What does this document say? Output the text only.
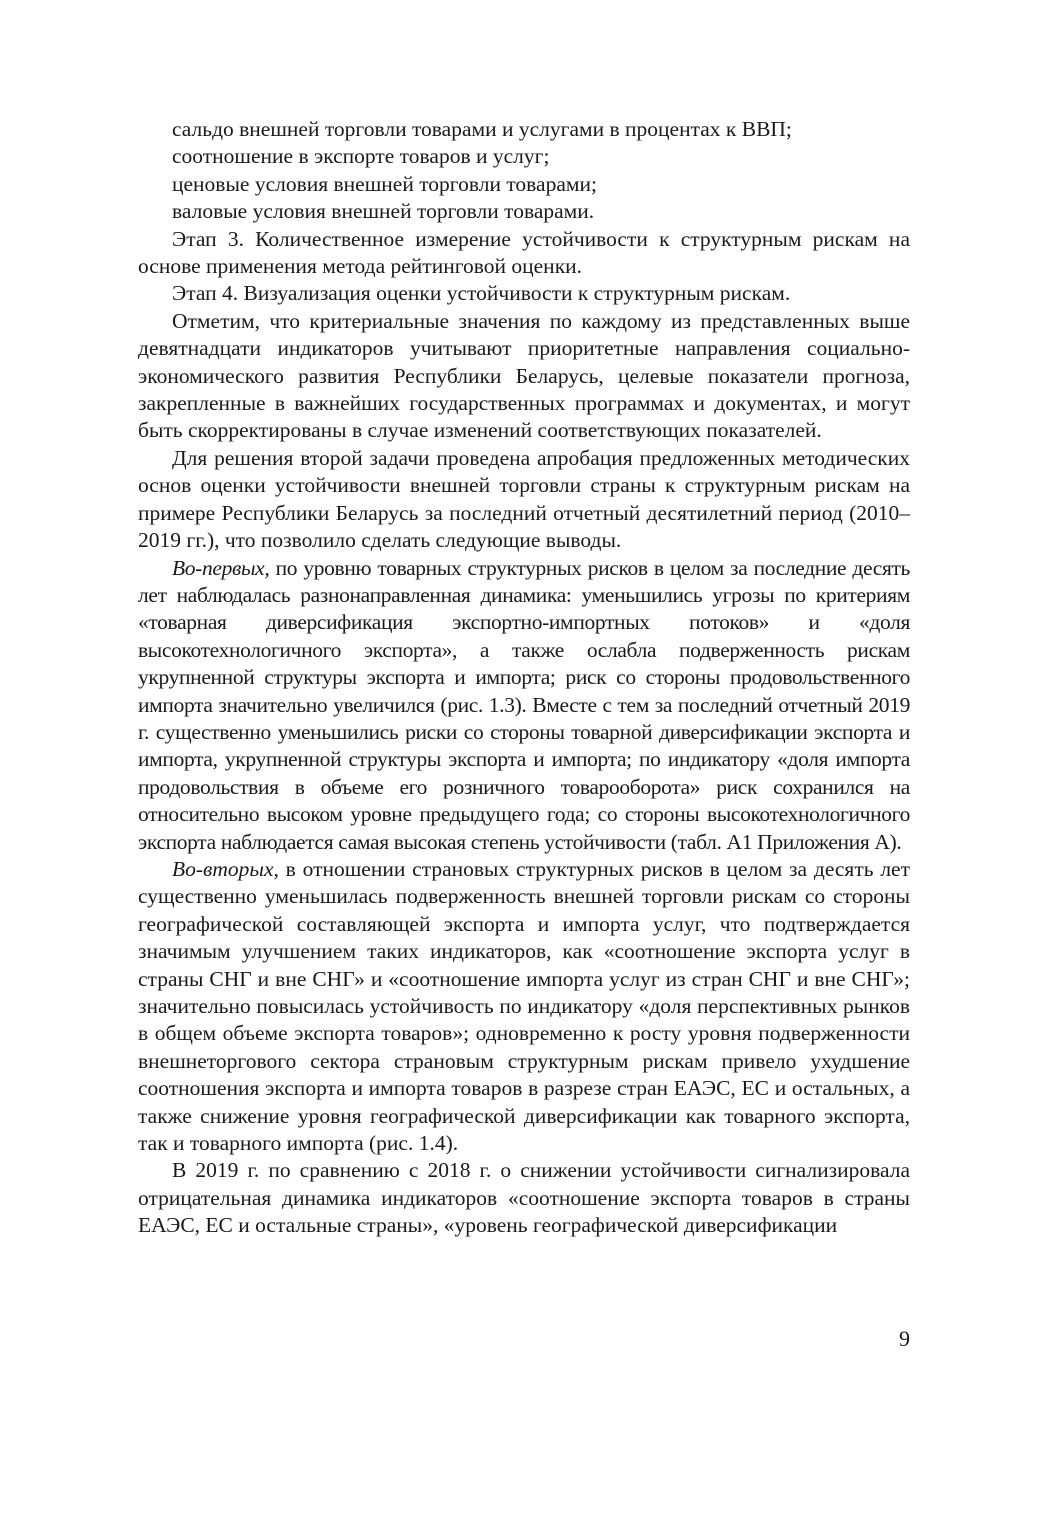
сальдо внешней торговли товарами и услугами в процентах к ВВП;

соотношение в экспорте товаров и услуг;

ценовые условия внешней торговли товарами;

валовые условия внешней торговли товарами.

Этап 3. Количественное измерение устойчивости к структурным рискам на основе применения метода рейтинговой оценки.

Этап 4. Визуализация оценки устойчивости к структурным рискам.

Отметим, что критериальные значения по каждому из представленных выше девятнадцати индикаторов учитывают приоритетные направления социально-экономического развития Республики Беларусь, целевые показатели прогноза, закрепленные в важнейших государственных программах и документах, и могут быть скорректированы в случае изменений соответствующих показателей.

Для решения второй задачи проведена апробация предложенных методических основ оценки устойчивости внешней торговли страны к структурным рискам на примере Республики Беларусь за последний отчетный десятилетний период (2010–2019 гг.), что позволило сделать следующие выводы.

Во-первых, по уровню товарных структурных рисков в целом за последние десять лет наблюдалась разнонаправленная динамика: уменьшились угрозы по критериям «товарная диверсификация экспортно-импортных потоков» и «доля высокотехнологичного экспорта», а также ослабла подверженность рискам укрупненной структуры экспорта и импорта; риск со стороны продовольственного импорта значительно увеличился (рис. 1.3). Вместе с тем за последний отчетный 2019 г. существенно уменьшились риски со стороны товарной диверсификации экспорта и импорта, укрупненной структуры экспорта и импорта; по индикатору «доля импорта продовольствия в объеме его розничного товарооборота» риск сохранился на относительно высоком уровне предыдущего года; со стороны высокотехнологичного экспорта наблюдается самая высокая степень устойчивости (табл. А1 Приложения А).

Во-вторых, в отношении страновых структурных рисков в целом за десять лет существенно уменьшилась подверженность внешней торговли рискам со стороны географической составляющей экспорта и импорта услуг, что подтверждается значимым улучшением таких индикаторов, как «соотношение экспорта услуг в страны СНГ и вне СНГ» и «соотношение импорта услуг из стран СНГ и вне СНГ»; значительно повысилась устойчивость по индикатору «доля перспективных рынков в общем объеме экспорта товаров»; одновременно к росту уровня подверженности внешнеторгового сектора страновым структурным рискам привело ухудшение соотношения экспорта и импорта товаров в разрезе стран ЕАЭС, ЕС и остальных, а также снижение уровня географической диверсификации как товарного экспорта, так и товарного импорта (рис. 1.4).

В 2019 г. по сравнению с 2018 г. о снижении устойчивости сигнализировала отрицательная динамика индикаторов «соотношение экспорта товаров в страны ЕАЭС, ЕС и остальные страны», «уровень географической диверсификации

9
